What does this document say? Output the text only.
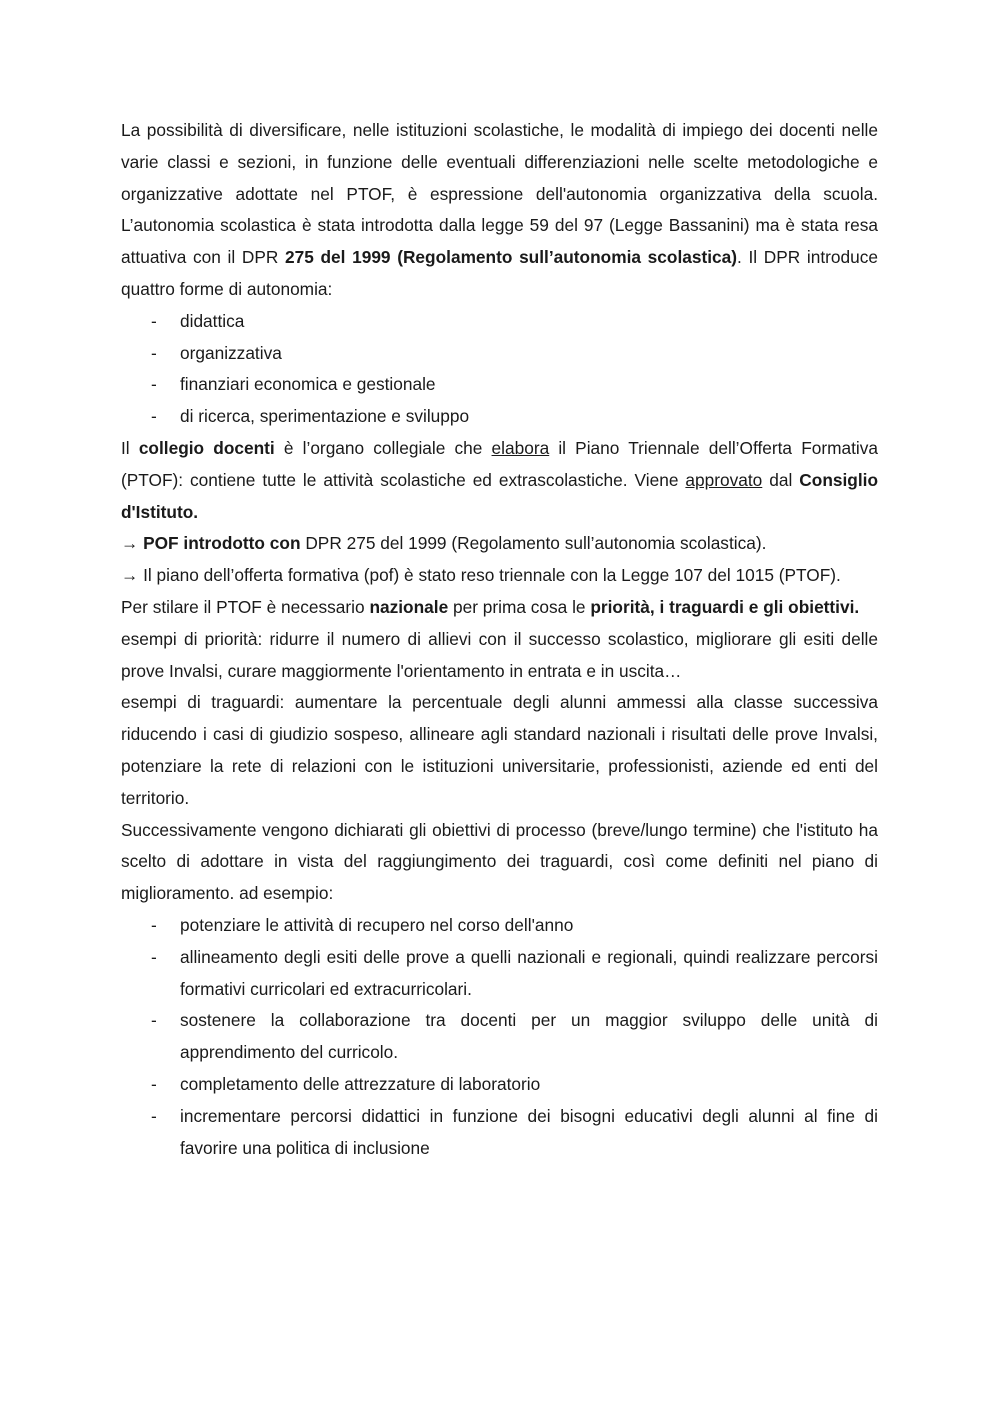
La possibilità di diversificare, nelle istituzioni scolastiche, le modalità di impiego dei docenti nelle varie classi e sezioni, in funzione delle eventuali differenziazioni nelle scelte metodologiche e organizzative adottate nel PTOF, è espressione dell'autonomia organizzativa della scuola. L’autonomia scolastica è stata introdotta dalla legge 59 del 97 (Legge Bassanini) ma è stata resa attuativa con il DPR 275 del 1999 (Regolamento sull’autonomia scolastica). Il DPR introduce quattro forme di autonomia:

- didattica
- organizzativa
- finanziari economica e gestionale
- di ricerca, sperimentazione e sviluppo

Il collegio docenti è l’organo collegiale che elabora il Piano Triennale dell’Offerta Formativa (PTOF): contiene tutte le attività scolastiche ed extrascolastiche. Viene approvato dal Consiglio d'Istituto.

→ POF introdotto con DPR 275 del 1999 (Regolamento sull’autonomia scolastica).

→ Il piano dell’offerta formativa (pof) è stato reso triennale con la Legge 107 del 1015 (PTOF).

Per stilare il PTOF è necessario nazionale per prima cosa le priorità, i traguardi e gli obiettivi.

esempi di priorità: ridurre il numero di allievi con il successo scolastico, migliorare gli esiti delle prove Invalsi, curare maggiormente l'orientamento in entrata e in uscita…

esempi di traguardi: aumentare la percentuale degli alunni ammessi alla classe successiva riducendo i casi di giudizio sospeso, allineare agli standard nazionali i risultati delle prove Invalsi, potenziare la rete di relazioni con le istituzioni universitarie, professionisti, aziende ed enti del territorio.

Successivamente vengono dichiarati gli obiettivi di processo (breve/lungo termine) che l'istituto ha scelto di adottare in vista del raggiungimento dei traguardi, così come definiti nel piano di miglioramento. ad esempio:

- potenziare le attività di recupero nel corso dell'anno
- allineamento degli esiti delle prove a quelli nazionali e regionali, quindi realizzare percorsi formativi curricolari ed extracurricolari.
- sostenere la collaborazione tra docenti per un maggior sviluppo delle unità di apprendimento del curricolo.
- completamento delle attrezzature di laboratorio
- incrementare percorsi didattici in funzione dei bisogni educativi degli alunni al fine di favorire una politica di inclusione
